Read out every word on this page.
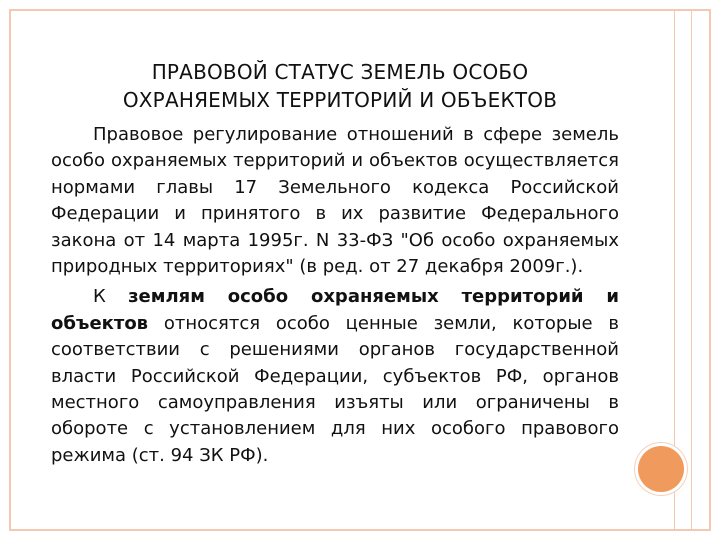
ПРАВОВОЙ СТАТУС ЗЕМЕЛЬ ОСОБО
ОХРАНЯЕМЫХ ТЕРРИТОРИЙ И ОБЪЕКТОВ

Правовое регулирование отношений в сфере земель особо охраняемых территорий и объектов осуществляется нормами главы 17 Земельного кодекса Российской Федерации и принятого в их развитие Федерального закона от 14 марта 1995г. N 33-ФЗ "Об особо охраняемых природных территориях" (в ред. от 27 декабря 2009г.).

К землям особо охраняемых территорий и объектов относятся особо ценные земли, которые в соответствии с решениями органов государственной власти Российской Федерации, субъектов РФ, органов местного самоуправления изъяты или ограничены в обороте с установлением для них особого правового режима (ст. 94 ЗК РФ).
